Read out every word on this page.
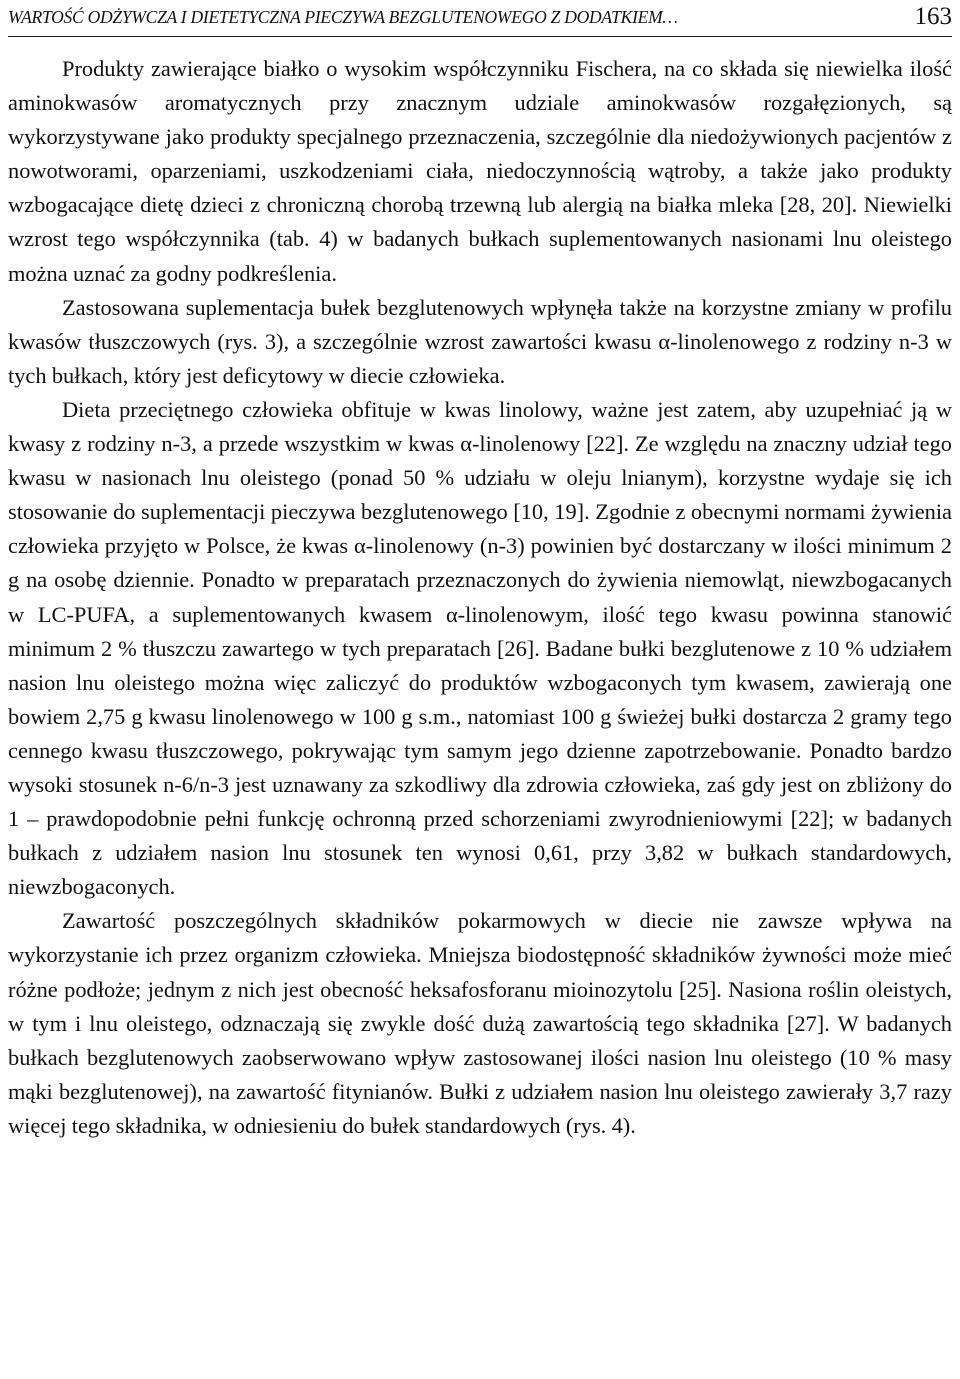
WARTOŚĆ ODŻYWCZA I DIETETYCZNA PIECZYWA BEZGLUTENOWEGO Z DODATKIEM…	163

Produkty zawierające białko o wysokim współczynniku Fischera, na co składa się niewielka ilość aminokwasów aromatycznych przy znacznym udziale aminokwasów rozgałęzionych, są wykorzystywane jako produkty specjalnego przeznaczenia, szczególnie dla niedożywionych pacjentów z nowotworami, oparzeniami, uszkodzeniami ciała, niedoczynnością wątroby, a także jako produkty wzbogacające dietę dzieci z chroniczną chorobą trzewną lub alergią na białka mleka [28, 20]. Niewielki wzrost tego współczynnika (tab. 4) w badanych bułkach suplementowanych nasionami lnu oleistego można uznać za godny podkreślenia.

Zastosowana suplementacja bułek bezglutenowych wpłynęła także na korzystne zmiany w profilu kwasów tłuszczowych (rys. 3), a szczególnie wzrost zawartości kwasu α-linolenowego z rodziny n-3 w tych bułkach, który jest deficytowy w diecie człowieka.

Dieta przeciętnego człowieka obfituje w kwas linolowy, ważne jest zatem, aby uzupełniać ją w kwasy z rodziny n-3, a przede wszystkim w kwas α-linolenowy [22]. Ze względu na znaczny udział tego kwasu w nasionach lnu oleistego (ponad 50 % udziału w oleju lnianym), korzystne wydaje się ich stosowanie do suplementacji pieczywa bezglutenowego [10, 19]. Zgodnie z obecnymi normami żywienia człowieka przyjęto w Polsce, że kwas α-linolenowy (n-3) powinien być dostarczany w ilości minimum 2 g na osobę dziennie. Ponadto w preparatach przeznaczonych do żywienia niemowląt, niewzbogacanych w LC-PUFA, a suplementowanych kwasem α-linolenowym, ilość tego kwasu powinna stanowić minimum 2 % tłuszczu zawartego w tych preparatach [26]. Badane bułki bezglutenowe z 10 % udziałem nasion lnu oleistego można więc zaliczyć do produktów wzbogaconych tym kwasem, zawierają one bowiem 2,75 g kwasu linolenowego w 100 g s.m., natomiast 100 g świeżej bułki dostarcza 2 gramy tego cennego kwasu tłuszczowego, pokrywając tym samym jego dzienne zapotrzebowanie. Ponadto bardzo wysoki stosunek n-6/n-3 jest uznawany za szkodliwy dla zdrowia człowieka, zaś gdy jest on zbliżony do 1 – prawdopodobnie pełni funkcję ochronną przed schorzeniami zwyrodnieniowymi [22]; w badanych bułkach z udziałem nasion lnu stosunek ten wynosi 0,61, przy 3,82 w bułkach standardowych, niewzbogaconych.

Zawartość poszczególnych składników pokarmowych w diecie nie zawsze wpływa na wykorzystanie ich przez organizm człowieka. Mniejsza biodostępność składników żywności może mieć różne podłoże; jednym z nich jest obecność heksafosforanu mioinozytolu [25]. Nasiona roślin oleistych, w tym i lnu oleistego, odznaczają się zwykle dość dużą zawartością tego składnika [27]. W badanych bułkach bezglutenowych zaobserwowano wpływ zastosowanej ilości nasion lnu oleistego (10 % masy mąki bezglutenowej), na zawartość fitynianów. Bułki z udziałem nasion lnu oleistego zawierały 3,7 razy więcej tego składnika, w odniesieniu do bułek standardowych (rys. 4).
